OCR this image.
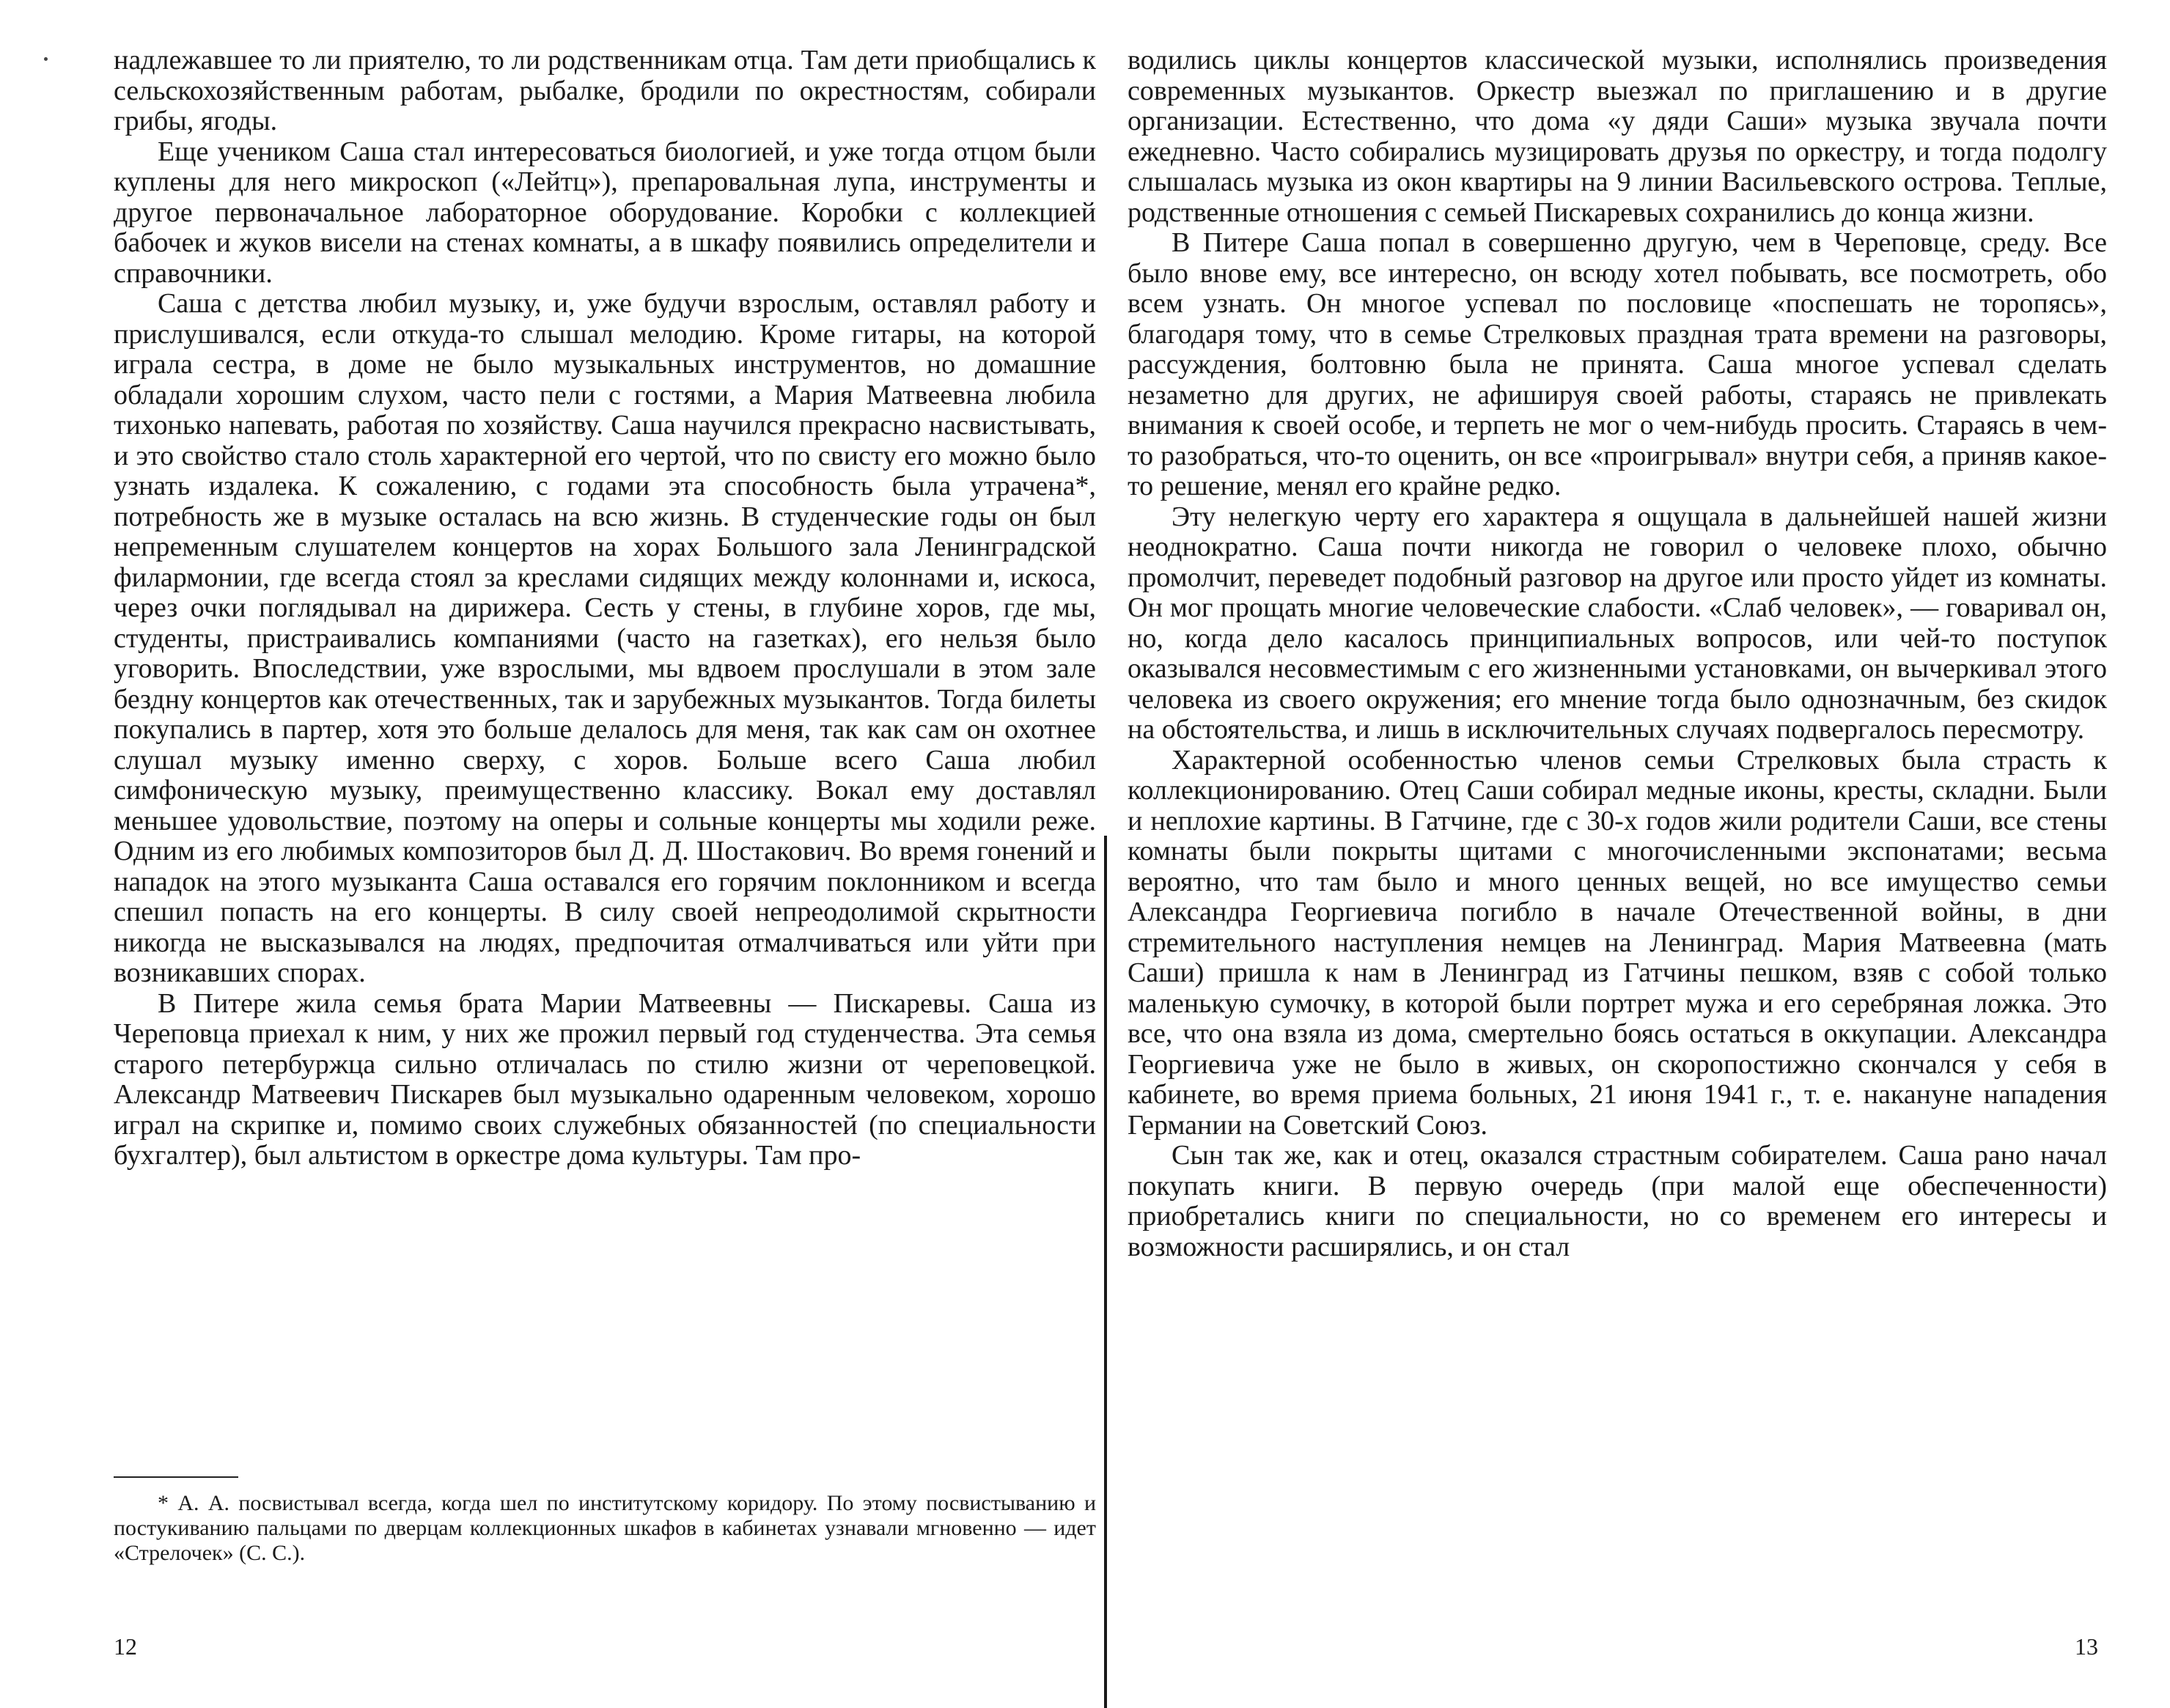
надлежавшее то ли приятелю, то ли родственникам отца. Там дети приобщались к сельскохозяйственным работам, рыбалке, бродили по окрестностям, собирали грибы, ягоды.

Еще учеником Саша стал интересоваться биологией, и уже тогда отцом были куплены для него микроскоп («Лейтц»), препаровальная лупа, инструменты и другое первоначальное лабораторное оборудование. Коробки с коллекцией бабочек и жуков висели на стенах комнаты, а в шкафу появились определители и справочники.

Саша с детства любил музыку, и, уже будучи взрослым, оставлял работу и прислушивался, если откуда-то слышал мелодию. Кроме гитары, на которой играла сестра, в доме не было музыкальных инструментов, но домашние обладали хорошим слухом, часто пели с гостями, а Мария Матвеевна любила тихонько напевать, работая по хозяйству. Саша научился прекрасно насвистывать, и это свойство стало столь характерной его чертой, что по свисту его можно было узнать издалека. К сожалению, с годами эта способность была утрачена*, потребность же в музыке осталась на всю жизнь. В студенческие годы он был непременным слушателем концертов на хорах Большого зала Ленинградской филармонии, где всегда стоял за креслами сидящих между колоннами и, искоса, через очки поглядывал на дирижера. Сесть у стены, в глубине хоров, где мы, студенты, пристраивались компаниями (часто на газетках), его нельзя было уговорить. Впоследствии, уже взрослыми, мы вдвоем прослушали в этом зале бездну концертов как отечественных, так и зарубежных музыкантов. Тогда билеты покупались в партер, хотя это больше делалось для меня, так как сам он охотнее слушал музыку именно сверху, с хоров. Больше всего Саша любил симфоническую музыку, преимущественно классику. Вокал ему доставлял меньшее удовольствие, поэтому на оперы и сольные концерты мы ходили реже. Одним из его любимых композиторов был Д. Д. Шостакович. Во время гонений и нападок на этого музыканта Саша оставался его горячим поклонником и всегда спешил попасть на его концерты. В силу своей непреодолимой скрытности никогда не высказывался на людях, предпочитая отмалчиваться или уйти при возникавших спорах.

В Питере жила семья брата Марии Матвеевны — Пискаревы. Саша из Череповца приехал к ним, у них же прожил первый год студенчества. Эта семья старого петербуржца сильно отличалась по стилю жизни от череповецкой. Александр Матвеевич Пискарев был музыкально одаренным человеком, хорошо играл на скрипке и, помимо своих служебных обязанностей (по специальности бухгалтер), был альтистом в оркестре дома культуры. Там про-

* А. А. посвистывал всегда, когда шел по институтскому коридору. По этому посвистыванию и постукиванию пальцами по дверцам коллекционных шкафов в кабинетах узнавали мгновенно — идет «Стрелочек» (С. С.).

12

водились циклы концертов классической музыки, исполнялись произведения современных музыкантов. Оркестр выезжал по приглашению и в другие организации. Естественно, что дома «у дяди Саши» музыка звучала почти ежедневно. Часто собирались музицировать друзья по оркестру, и тогда подолгу слышалась музыка из окон квартиры на 9 линии Васильевского острова. Теплые, родственные отношения с семьей Пискаревых сохранились до конца жизни.

В Питере Саша попал в совершенно другую, чем в Череповце, среду. Все было вновe ему, все интересно, он всюду хотел побывать, все посмотреть, обо всем узнать. Он многое успевал по пословице «поспешать не торопясь», благодаря тому, что в семье Стрелковых праздная трата времени на разговоры, рассуждения, болтовню была не принята. Саша многое успевал сделать незаметно для других, не афишируя своей работы, стараясь не привлекать внимания к своей особе, и терпеть не мог о чем-нибудь просить. Стараясь в чем-то разобраться, что-то оценить, он все «проигрывал» внутри себя, а приняв какое-то решение, менял его крайне редко.

Эту нелегкую черту его характера я ощущала в дальнейшей нашей жизни неоднократно. Саша почти никогда не говорил о человеке плохо, обычно промолчит, переведет подобный разговор на другое или просто уйдет из комнаты. Он мог прощать многие человеческие слабости. «Слаб человек», — говаривал он, но, когда дело касалось принципиальных вопросов, или чей-то поступок оказывался несовместимым с его жизненными установками, он вычеркивал этого человека из своего окружения; его мнение тогда было однозначным, без скидок на обстоятельства, и лишь в исключительных случаях подвергалось пересмотру.

Характерной особенностью членов семьи Стрелковых была страсть к коллекционированию. Отец Саши собирал медные иконы, кресты, складни. Были и неплохие картины. В Гатчине, где с 30-х годов жили родители Саши, все стены комнаты были покрыты щитами с многочисленными экспонатами; весьма вероятно, что там было и много ценных вещей, но все имущество семьи Александра Георгиевича погибло в начале Отечественной войны, в дни стремительного наступления немцев на Ленинград. Мария Матвеевна (мать Саши) пришла к нам в Ленинград из Гатчины пешком, взяв с собой только маленькую сумочку, в которой были портрет мужа и его серебряная ложка. Это все, что она взяла из дома, смертельно боясь остаться в оккупации. Александра Георгиевича уже не было в живых, он скоропостижно скончался у себя в кабинете, во время приема больных, 21 июня 1941 г., т. е. накануне нападения Германии на Советский Союз.

Сын так же, как и отец, оказался страстным собирателем. Саша рано начал покупать книги. В первую очередь (при малой еще обеспеченности) приобретались книги по специальности, но со временем его интересы и возможности расширялись, и он стал

13
